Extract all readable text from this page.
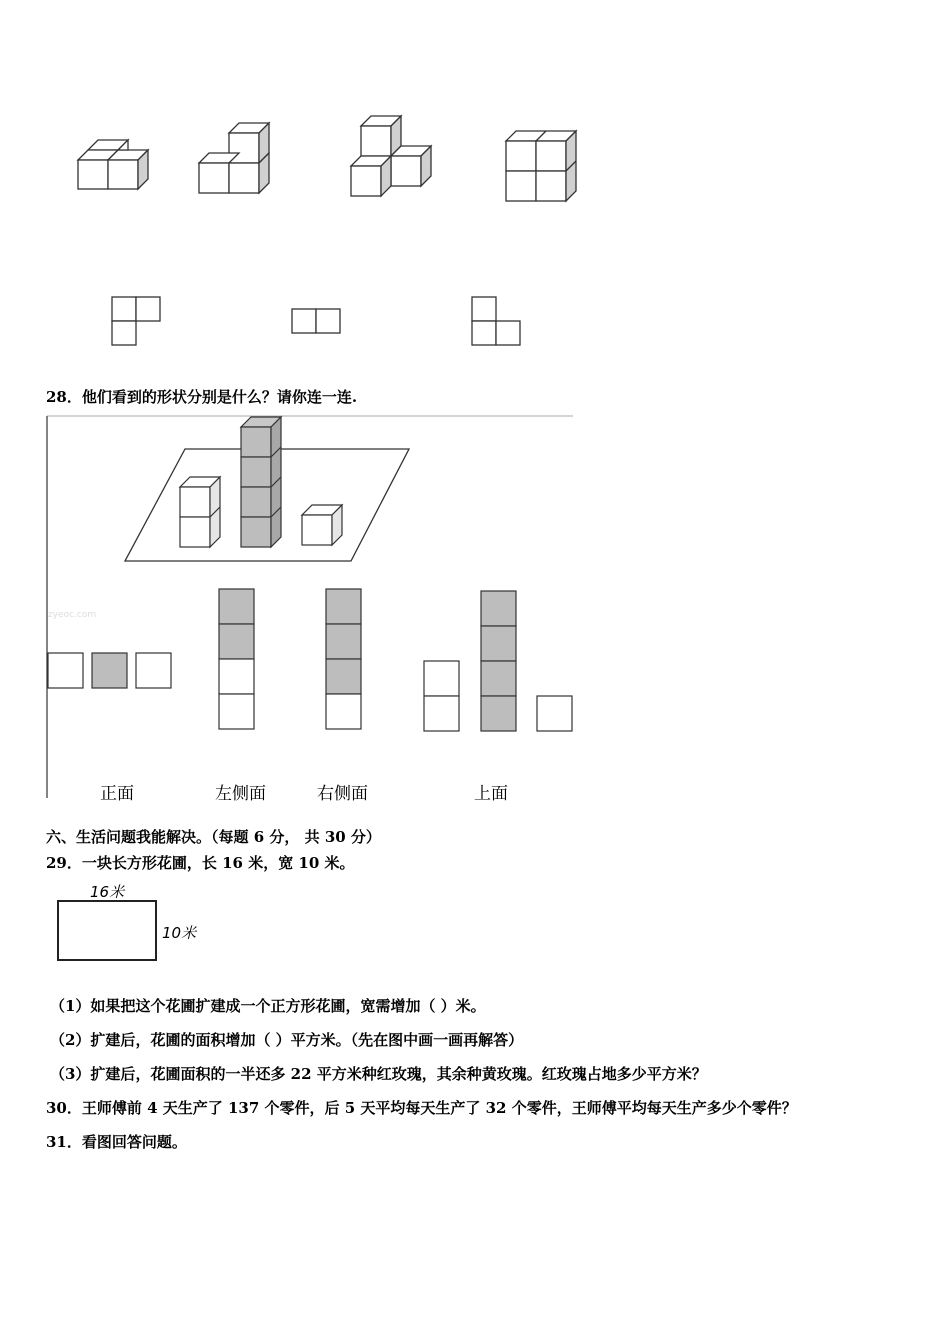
28．他们看到的形状分别是什么？请你连一连.
zyeoc.com
正面	左侧面	右侧面	上面
六、生活问题我能解决。（每题 6 分， 共 30 分）
29．一块长方形花圃，长 16 米，宽 10 米。
16米
10米
（1）如果把这个花圃扩建成一个正方形花圃，宽需增加（ ）米。
（2）扩建后，花圃的面积增加（ ）平方米。（先在图中画一画再解答）
（3）扩建后，花圃面积的一半还多 22 平方米种红玫瑰，其余种黄玫瑰。红玫瑰占地多少平方米？
30．王师傅前 4 天生产了 137 个零件，后 5 天平均每天生产了 32 个零件，王师傅平均每天生产多少个零件？
31．看图回答问题。
